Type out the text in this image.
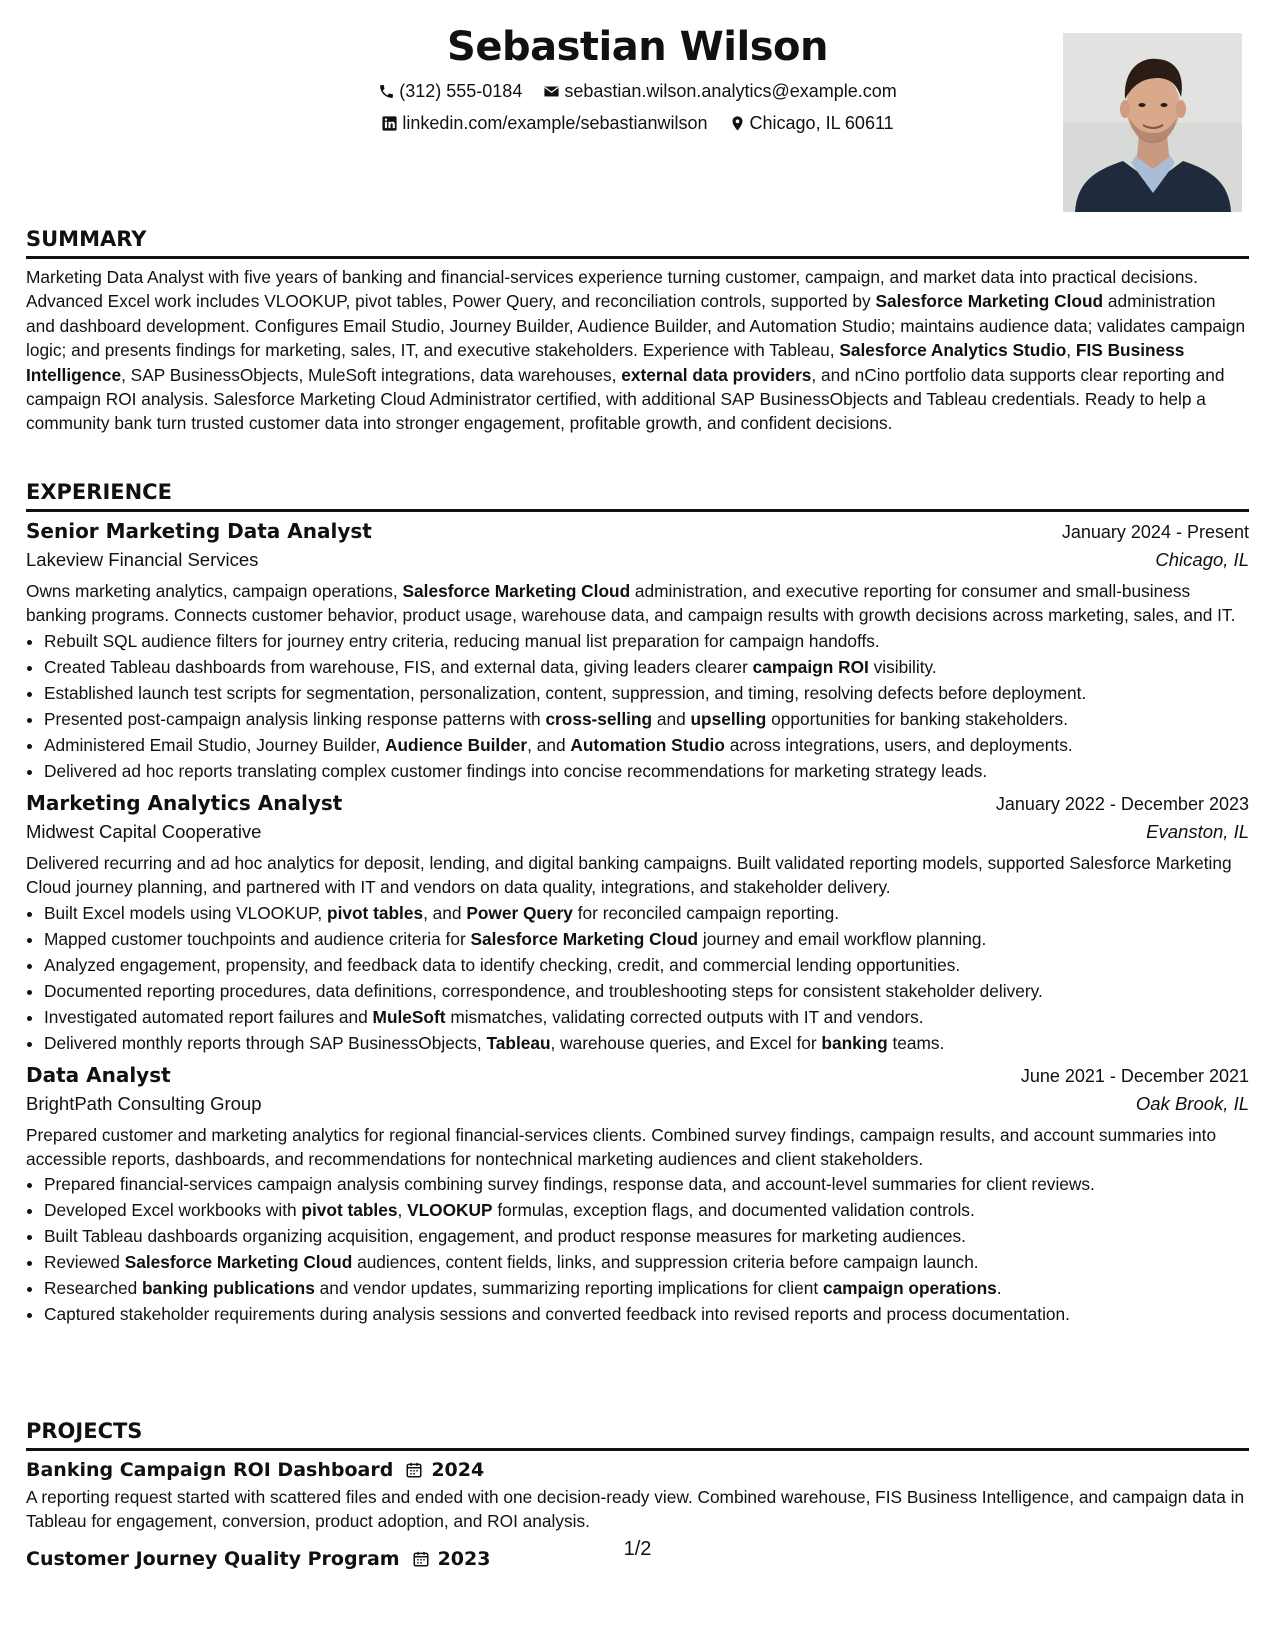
Sebastian Wilson
(312) 555-0184
sebastian.wilson.analytics@example.com
linkedin.com/example/sebastianwilson
Chicago, IL 60611
SUMMARY

Marketing Data Analyst with five years of banking and financial-services experience turning customer, campaign, and market data into practical decisions. Advanced Excel work includes VLOOKUP, pivot tables, Power Query, and reconciliation controls, supported by Salesforce Marketing Cloud administration and dashboard development. Configures Email Studio, Journey Builder, Audience Builder, and Automation Studio; maintains audience data; validates campaign logic; and presents findings for marketing, sales, IT, and executive stakeholders. Experience with Tableau, Salesforce Analytics Studio, FIS Business Intelligence, SAP BusinessObjects, MuleSoft integrations, data warehouses, external data providers, and nCino portfolio data supports clear reporting and campaign ROI analysis. Salesforce Marketing Cloud Administrator certified, with additional SAP BusinessObjects and Tableau credentials. Ready to help a community bank turn trusted customer data into stronger engagement, profitable growth, and confident decisions.

EXPERIENCE
Senior Marketing Data Analyst	January 2024 - Present
Lakeview Financial Services	Chicago, IL

Owns marketing analytics, campaign operations, Salesforce Marketing Cloud administration, and executive reporting for consumer and small-business banking programs. Connects customer behavior, product usage, warehouse data, and campaign results with growth decisions across marketing, sales, and IT.

• Rebuilt SQL audience filters for journey entry criteria, reducing manual list preparation for campaign handoffs.
• Created Tableau dashboards from warehouse, FIS, and external data, giving leaders clearer campaign ROI visibility.
• Established launch test scripts for segmentation, personalization, content, suppression, and timing, resolving defects before deployment.
• Presented post-campaign analysis linking response patterns with cross-selling and upselling opportunities for banking stakeholders.
• Administered Email Studio, Journey Builder, Audience Builder, and Automation Studio across integrations, users, and deployments.
• Delivered ad hoc reports translating complex customer findings into concise recommendations for marketing strategy leads.
Marketing Analytics Analyst	January 2022 - December 2023
Midwest Capital Cooperative	Evanston, IL

Delivered recurring and ad hoc analytics for deposit, lending, and digital banking campaigns. Built validated reporting models, supported Salesforce Marketing Cloud journey planning, and partnered with IT and vendors on data quality, integrations, and stakeholder delivery.

• Built Excel models using VLOOKUP, pivot tables, and Power Query for reconciled campaign reporting.
• Mapped customer touchpoints and audience criteria for Salesforce Marketing Cloud journey and email workflow planning.
• Analyzed engagement, propensity, and feedback data to identify checking, credit, and commercial lending opportunities.
• Documented reporting procedures, data definitions, correspondence, and troubleshooting steps for consistent stakeholder delivery.
• Investigated automated report failures and MuleSoft mismatches, validating corrected outputs with IT and vendors.
• Delivered monthly reports through SAP BusinessObjects, Tableau, warehouse queries, and Excel for banking teams.
Data Analyst	June 2021 - December 2021
BrightPath Consulting Group	Oak Brook, IL

Prepared customer and marketing analytics for regional financial-services clients. Combined survey findings, campaign results, and account summaries into accessible reports, dashboards, and recommendations for nontechnical marketing audiences and client stakeholders.

• Prepared financial-services campaign analysis combining survey findings, response data, and account-level summaries for client reviews.
• Developed Excel workbooks with pivot tables, VLOOKUP formulas, exception flags, and documented validation controls.
• Built Tableau dashboards organizing acquisition, engagement, and product response measures for marketing audiences.
• Reviewed Salesforce Marketing Cloud audiences, content fields, links, and suppression criteria before campaign launch.
• Researched banking publications and vendor updates, summarizing reporting implications for client campaign operations.
• Captured stakeholder requirements during analysis sessions and converted feedback into revised reports and process documentation.
PROJECTS
Banking Campaign ROI Dashboard 2024

A reporting request started with scattered files and ended with one decision-ready view. Combined warehouse, FIS Business Intelligence, and campaign data in Tableau for engagement, conversion, product adoption, and ROI analysis.

Customer Journey Quality Program 2023	1/2
